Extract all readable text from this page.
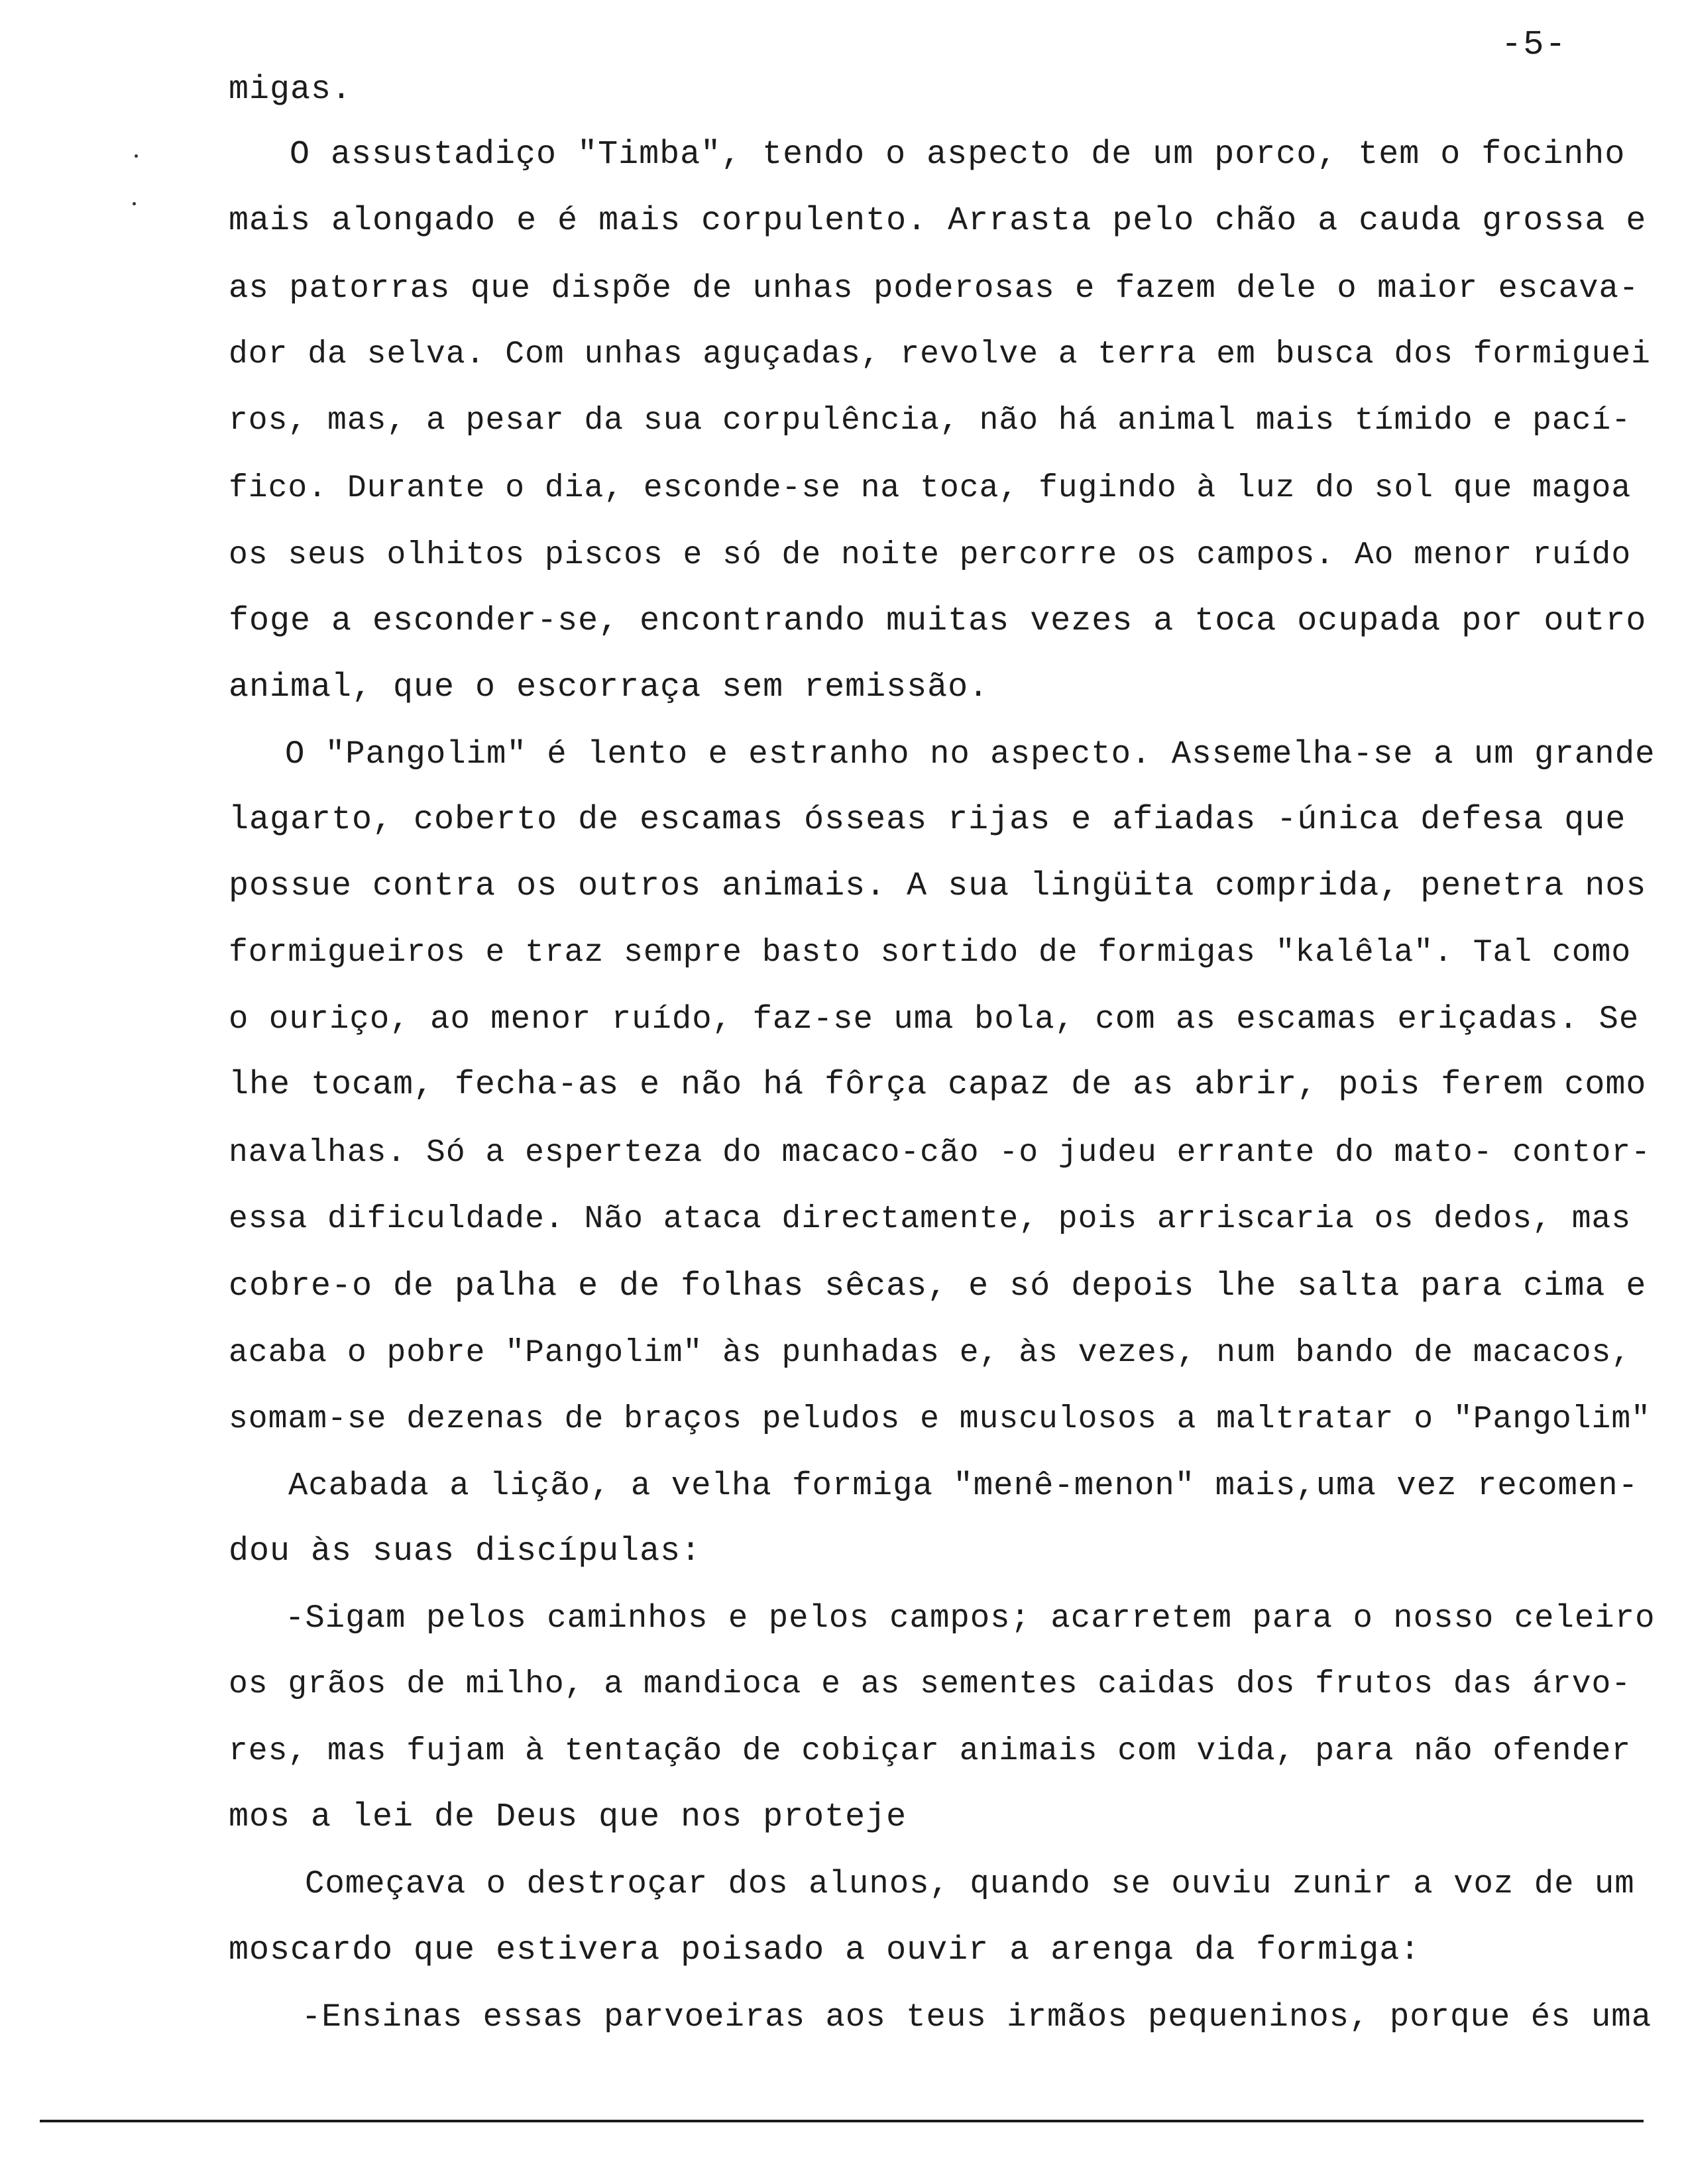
-5-
migas.
O assustadiço "Timba", tendo o aspecto de um porco, tem o focinho
mais alongado e é mais corpulento. Arrasta pelo chão a cauda grossa e
as patorras que dispõe de unhas poderosas e fazem dele o maior escava-
dor da selva. Com unhas aguçadas, revolve a terra em busca dos formiguei
ros, mas, a pesar da sua corpulência, não há animal mais tímido e pací-
fico. Durante o dia, esconde-se na toca, fugindo à luz do sol que magoa
os seus olhitos piscos e só de noite percorre os campos. Ao menor ruído
foge a esconder-se, encontrando muitas vezes a toca ocupada por outro
animal, que o escorraça sem remissão.
O "Pangolim" é lento e estranho no aspecto. Assemelha-se a um grande
lagarto, coberto de escamas ósseas rijas e afiadas -única defesa que
possue contra os outros animais. A sua lingüita comprida, penetra nos
formigueiros e traz sempre basto sortido de formigas "kalêla". Tal como
o ouriço, ao menor ruído, faz-se uma bola, com as escamas eriçadas. Se
lhe tocam, fecha-as e não há fôrça capaz de as abrir, pois ferem como
navalhas. Só a esperteza do macaco-cão -o judeu errante do mato- contor-
essa dificuldade. Não ataca directamente, pois arriscaria os dedos, mas
cobre-o de palha e de folhas sêcas, e só depois lhe salta para cima e
acaba o pobre "Pangolim" às punhadas e, às vezes, num bando de macacos,
somam-se dezenas de braços peludos e musculosos a maltratar o "Pangolim"
Acabada a lição, a velha formiga "menê-menon" mais,uma vez recomen-
dou às suas discípulas:
-Sigam pelos caminhos e pelos campos; acarretem para o nosso celeiro
os grãos de milho, a mandioca e as sementes caidas dos frutos das árvo-
res, mas fujam à tentação de cobiçar animais com vida, para não ofender
mos a lei de Deus que nos proteje
Começava o destroçar dos alunos, quando se ouviu zunir a voz de um
moscardo que estivera poisado a ouvir a arenga da formiga:
-Ensinas essas parvoeiras aos teus irmãos pequeninos, porque és uma
